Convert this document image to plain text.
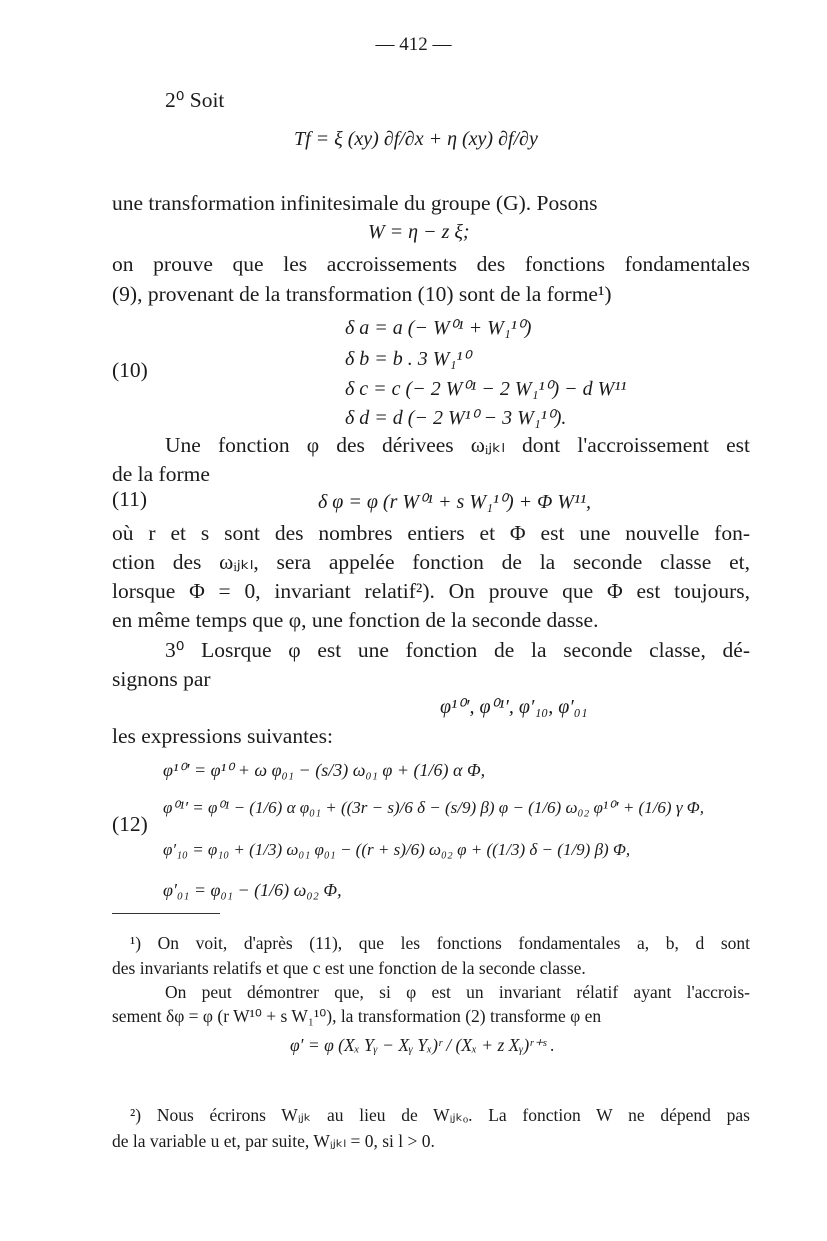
— 412 —
2⁰ Soit
Tf = ξ (xy) ∂f/∂x + η (xy) ∂f/∂y
une transformation infinitesimale du groupe (G). Posons
W = η − z ξ;
on prouve que les accroissements des fonctions fondamentales
(9), provenant de la transformation (10) sont de la forme¹)
(10)
δ a = a (− W⁰¹ + W₁¹⁰)
δ b = b . 3 W₁¹⁰
δ c = c (− 2 W⁰¹ − 2 W₁¹⁰) − d W¹¹
δ d = d (− 2 W¹⁰ − 3 W₁¹⁰).
Une fonction φ des dérivees ωᵢⱼₖₗ dont l'accroissement est
de la forme
(11)	δ φ = φ (r W⁰¹ + s W₁¹⁰) + Φ W¹¹,
où r et s sont des nombres entiers et Φ est une nouvelle fon-
ction des ωᵢⱼₖₗ, sera appelée fonction de la seconde classe et,
lorsque Φ = 0, invariant relatif²). On prouve que Φ est toujours,
en même temps que φ, une fonction de la seconde dasse.
3⁰ Losrque φ est une fonction de la seconde classe, dé-
signons par
φ¹⁰′, φ⁰¹′, φ′₁₀, φ′₀₁
les expressions suivantes:
(12)
φ¹⁰′ = φ¹⁰ + ω φ₀₁ − (s/3) ω₀₁ φ + (1/6) α Φ,
φ⁰¹′ = φ⁰¹ − (1/6) α φ₀₁ + ((3r − s)/6 δ − (s/9) β) φ − (1/6) ω₀₂ φ¹⁰′ + (1/6) γ Φ,
φ′₁₀ = φ₁₀ + (1/3) ω₀₁ φ₀₁ − ((r + s)/6) ω₀₂ φ + ((1/3) δ − (1/9) β) Φ,
φ′₀₁ = φ₀₁ − (1/6) ω₀₂ Φ,
¹) On voit, d'après (11), que les fonctions fondamentales a, b, d sont
des invariants relatifs et que c est une fonction de la seconde classe.
On peut démontrer que, si φ est un invariant rélatif ayant l'accrois-
sement δφ = φ (r W¹⁰ + s W₁¹⁰), la transformation (2) transforme φ en
φ′ = φ (Xₓ Yᵧ − Xᵧ Yₓ)ʳ / (Xₓ + z Xᵧ)ʳ⁺ˢ .
²) Nous écrirons Wᵢⱼₖ au lieu de Wᵢⱼₖₒ. La fonction W ne dépend pas
de la variable u et, par suite, Wᵢⱼₖₗ = 0, si l > 0.
